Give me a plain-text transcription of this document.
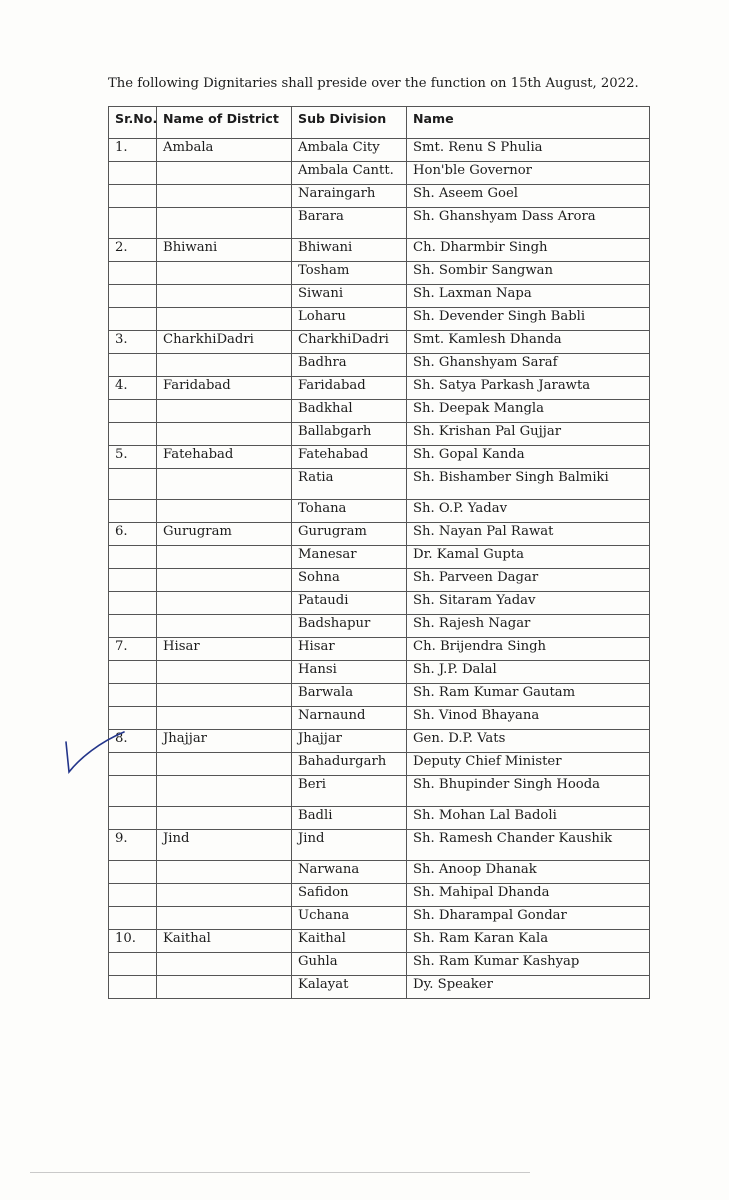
The following Dignitaries shall preside over the function on 15th August, 2022.
Sr.No.	Name of District	Sub Division	Name
1.	Ambala	Ambala City	Smt. Renu S Phulia
		Ambala Cantt.	Hon'ble Governor
		Naraingarh	Sh. Aseem Goel
		Barara	Sh. Ghanshyam Dass Arora
2.	Bhiwani	Bhiwani	Ch. Dharmbir Singh
		Tosham	Sh. Sombir Sangwan
		Siwani	Sh. Laxman Napa
		Loharu	Sh. Devender Singh Babli
3.	CharkhiDadri	CharkhiDadri	Smt. Kamlesh Dhanda
		Badhra	Sh. Ghanshyam Saraf
4.	Faridabad	Faridabad	Sh. Satya Parkash Jarawta
		Badkhal	Sh. Deepak Mangla
		Ballabgarh	Sh. Krishan Pal Gujjar
5.	Fatehabad	Fatehabad	Sh. Gopal Kanda
		Ratia	Sh. Bishamber Singh Balmiki
		Tohana	Sh. O.P. Yadav
6.	Gurugram	Gurugram	Sh. Nayan Pal Rawat
		Manesar	Dr. Kamal Gupta
		Sohna	Sh. Parveen Dagar
		Pataudi	Sh. Sitaram Yadav
		Badshapur	Sh. Rajesh Nagar
7.	Hisar	Hisar	Ch. Brijendra Singh
		Hansi	Sh. J.P. Dalal
		Barwala	Sh. Ram Kumar Gautam
		Narnaund	Sh. Vinod Bhayana
8.	Jhajjar	Jhajjar	Gen. D.P. Vats
		Bahadurgarh	Deputy Chief Minister
		Beri	Sh. Bhupinder Singh Hooda
		Badli	Sh. Mohan Lal Badoli
9.	Jind	Jind	Sh. Ramesh Chander Kaushik
		Narwana	Sh. Anoop Dhanak
		Safidon	Sh. Mahipal Dhanda
		Uchana	Sh. Dharampal Gondar
10.	Kaithal	Kaithal	Sh. Ram Karan Kala
		Guhla	Sh. Ram Kumar Kashyap
		Kalayat	Dy. Speaker
